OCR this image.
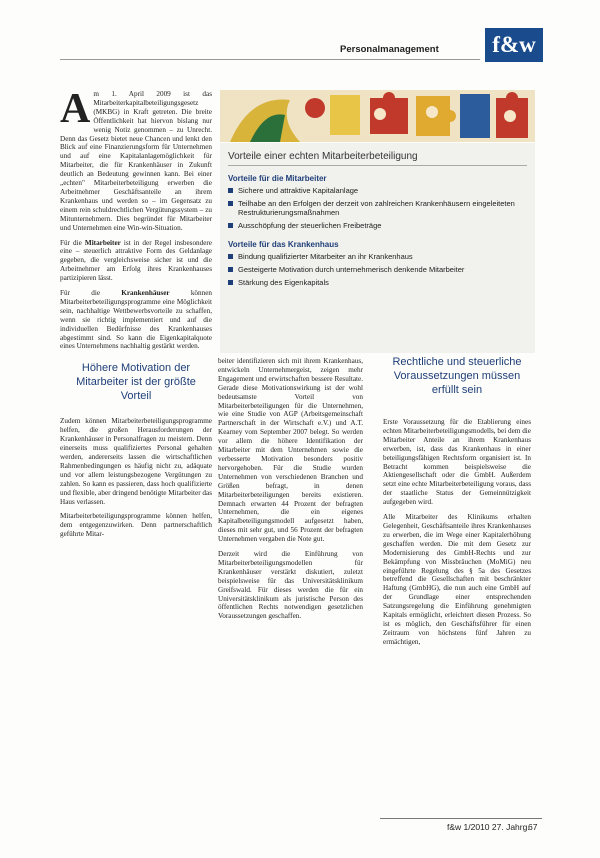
Personalmanagement	f&w

Am 1. April 2009 ist das Mitarbeiterkapitalbeteiligungsgesetz (MKBG) in Kraft getreten. Die breite Öffentlichkeit hat hiervon bislang nur wenig Notiz genommen – zu Unrecht. Denn das Gesetz bietet neue Chancen und lenkt den Blick auf eine Finanzierungsform für Unternehmen und auf eine Kapitalanlagemöglichkeit für Mitarbeiter, die für Krankenhäuser in Zukunft deutlich an Bedeutung gewinnen kann. Bei einer „echten" Mitarbeiterbeteiligung erwerben die Arbeitnehmer Geschäftsanteile an ihrem Krankenhaus und werden so – im Gegensatz zu einem rein schuldrechtlichen Vergütungssystem – zu Mitunternehmern. Dies begründet für Mitarbeiter und Unternehmen eine Win-win-Situation.

Für die Mitarbeiter ist in der Regel insbesondere eine – steuerlich attraktive Form des Geldanlage gegeben, die vergleichsweise sicher ist und die Arbeitnehmer am Erfolg ihres Krankenhauses partizipieren lässt.

Für die Krankenhäuser können Mitarbeiterbeteiligungsprogramme eine Möglichkeit sein, nachhaltige Wettbewerbsvorteile zu schaffen, wenn sie richtig implementiert und auf die individuellen Bedürfnisse des Krankenhauses abgestimmt sind. So kann die Eigenkapitalquote eines Unternehmens nachhaltig gestärkt werden.

Höhere Motivation der Mitarbeiter ist der größte Vorteil

Zudem können Mitarbeiterbeteiligungsprogramme helfen, die großen Herausforderungen der Krankenhäuser in Personalfragen zu meistern. Denn einerseits muss qualifiziertes Personal gehalten werden, andererseits lassen die wirtschaftlichen Rahmenbedingungen es häufig nicht zu, adäquate und vor allem leistungsbezogene Vergütungen zu zahlen. So kann es passieren, dass hoch qualifizierte und flexible, aber dringend benötigte Mitarbeiter das Haus verlassen.

Mitarbeiterbeteiligungsprogramme können helfen, dem entgegenzuwirken. Denn partnerschaftlich geführte Mitar-

Vorteile einer echten Mitarbeiterbeteiligung
Vorteile für die Mitarbeiter
Sichere und attraktive Kapitalanlage
Teilhabe an den Erfolgen der derzeit von zahlreichen Krankenhäusern eingeleiteten Restrukturierungsmaßnahmen
Ausschöpfung der steuerlichen Freibeträge
Vorteile für das Krankenhaus
Bindung qualifizierter Mitarbeiter an ihr Krankenhaus
Gesteigerte Motivation durch unternehmerisch denkende Mitarbeiter
Stärkung des Eigenkapitals

beiter identifizieren sich mit ihrem Krankenhaus, entwickeln Unternehmergeist, zeigen mehr Engagement und erwirtschaften bessere Resultate. Gerade diese Motivationswirkung ist der wohl bedeutsamste Vorteil von Mitarbeiterbeteiligungen für die Unternehmen, wie eine Studie von AGP (Arbeitsgemeinschaft Partnerschaft in der Wirtschaft e.V.) und A.T. Kearney vom September 2007 belegt. So werden vor allem die höhere Identifikation der Mitarbeiter mit dem Unternehmen sowie die verbesserte Motivation besonders positiv hervorgehoben. Für die Studie wurden Unternehmen von verschiedenen Branchen und Größen befragt, in denen Mitarbeiterbeteiligungen bereits existieren. Demnach erwarten 44 Prozent der befragten Unternehmen, die ein eigenes Kapitalbeteiligungsmodell aufgesetzt haben, dieses mit sehr gut, und 56 Prozent der befragten Unternehmen vergaben die Note gut.

Derzeit wird die Einführung von Mitarbeiterbeteiligungsmodellen für Krankenhäuser verstärkt diskutiert, zuletzt beispielsweise für das Universitätsklinikum Greifswald. Für dieses werden die für ein Universitätsklinikum als juristische Person des öffentlichen Rechts notwendigen gesetzlichen Voraussetzungen geschaffen.

Rechtliche und steuerliche Voraussetzungen müssen erfüllt sein

Erste Voraussetzung für die Etablierung eines echten Mitarbeiterbeteiligungsmodells, bei dem die Mitarbeiter Anteile an ihrem Krankenhaus erwerben, ist, dass das Krankenhaus in einer beteiligungsfähigen Rechtsform organisiert ist. In Betracht kommen beispielsweise die Aktiengesellschaft oder die GmbH. Außerdem setzt eine echte Mitarbeiterbeteiligung voraus, dass der staatliche Status der Gemeinnützigkeit aufgegeben wird.

Alle Mitarbeiter des Klinikums erhalten Gelegenheit, Geschäftsanteile ihres Krankenhauses zu erwerben, die im Wege einer Kapitalerhöhung geschaffen werden. Die mit dem Gesetz zur Modernisierung des GmbH-Rechts und zur Bekämpfung von Missbräuchen (MoMiG) neu eingeführte Regelung des § 5a des Gesetzes betreffend die Gesellschaften mit beschränkter Haftung (GmbHG), die nun auch eine GmbH auf der Grundlage einer entsprechenden Satzungsregelung die Einführung genehmigten Kapitals ermöglicht, erleichtert diesen Prozess. So ist es möglich, den Geschäftsführer für einen Zeitraum von höchstens fünf Jahren zu ermächtigen,

f&w 1/2010 27. Jahrg.
67
